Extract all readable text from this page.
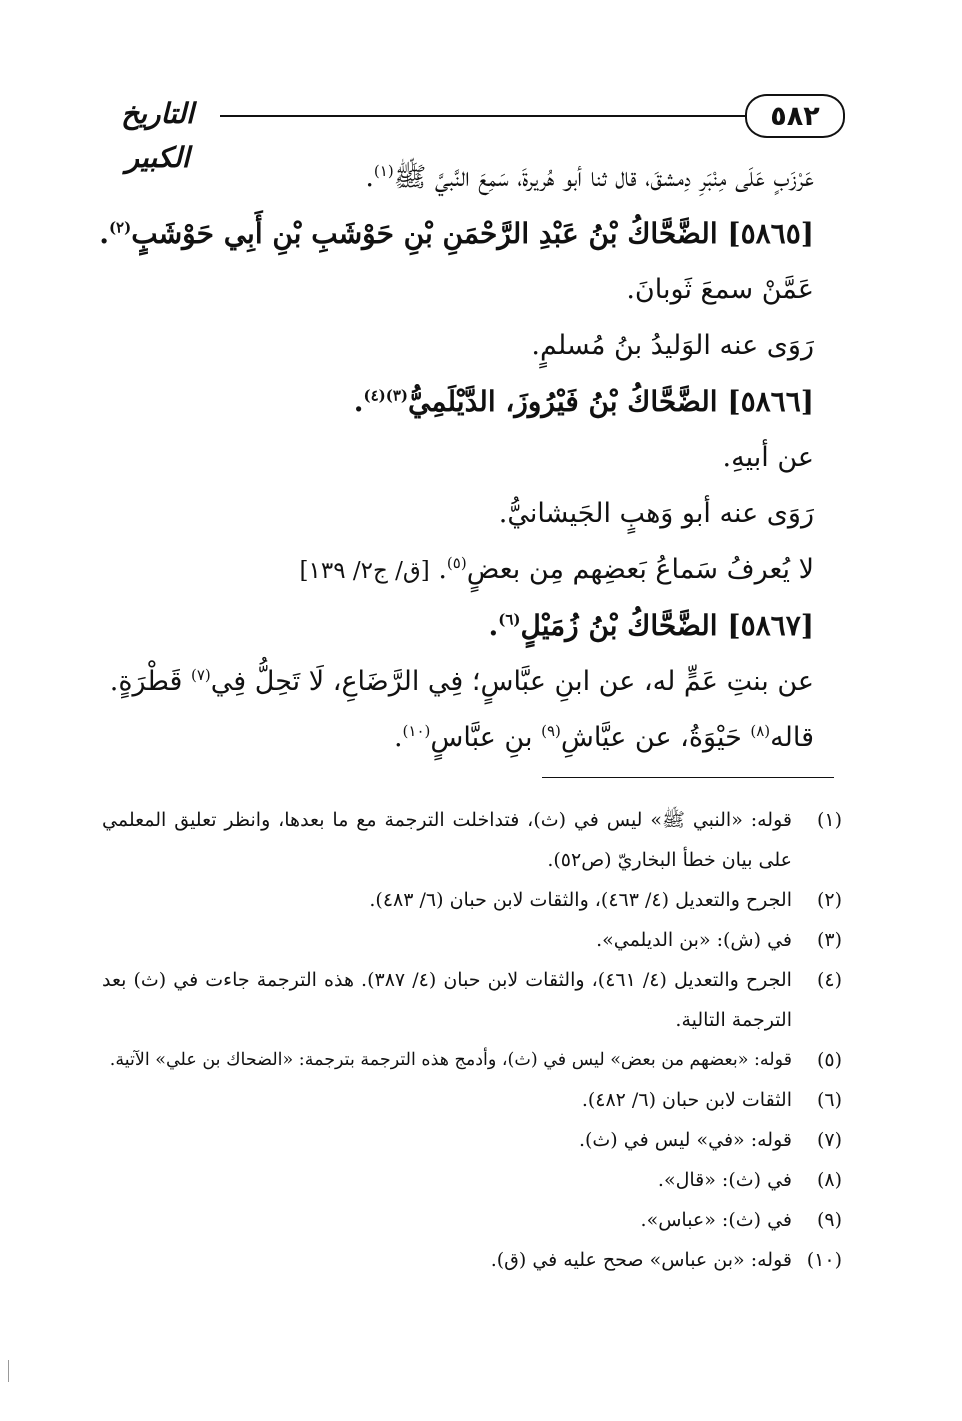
٥٨٢
التاريخ الكبير
عَرْزَبٍ عَلَى مِنْبَرِ دِمشقَ، قال ثنا أبو هُريرةَ، سَمِعَ النَّبيَّ ﷺ$^{(١)}$.
[٥٨٦٥] الضَّحَّاكُ بْنُ عَبْدِ الرَّحْمَنِ بْنِ حَوْشَبِ بْنِ أَبِي حَوْشَبٍ$^{(٢)}$.
عَمَّنْ سمعَ ثَوبانَ.
رَوَى عنه الوَليدُ بنُ مُسلمٍ.
[٥٨٦٦] الضَّحَّاكُ بْنُ فَيْرُوزَ، الدَّيْلَمِيُّ$^{(٣)(٤)}$.
عن أبيهِ.
رَوَى عنه أبو وَهبٍ الجَيشانيُّ.
لا يُعرفُ سَماعُ بَعضِهم مِن بعضٍ$^{(٥)}$. [ق/ ج٢/ ١٣٩]
[٥٨٦٧] الضَّحَّاكُ بْنُ زُمَيْلٍ$^{(٦)}$.
عن بنتِ عَمٍّ له، عن ابنِ عبَّاسٍ؛ فِي الرَّضَاعِ، لَا تَحِلُّ فِي$^{(٧)}$ قَطْرَةٍ.
قاله$^{(٨)}$ حَيْوَةُ، عن عيَّاشِ$^{(٩)}$ بنِ عبَّاسٍ$^{(١٠)}$.
(١)
قوله: «النبي ﷺ» ليس في (ث)، فتداخلت الترجمة مع ما بعدها، وانظر تعليق المعلمي على بيان خطأ البخاريّ (ص٥٢).
(٢)
الجرح والتعديل (٤/ ٤٦٣)، والثقات لابن حبان (٦/ ٤٨٣).
(٣)
في (ش): «بن الديلمي».
(٤)
الجرح والتعديل (٤/ ٤٦١)، والثقات لابن حبان (٤/ ٣٨٧). هذه الترجمة جاءت في (ث) بعد الترجمة التالية.
(٥)
قوله: «بعضهم من بعض» ليس في (ث)، وأدمج هذه الترجمة بترجمة: «الضحاك بن علي» الآتية.
(٦)
الثقات لابن حبان (٦/ ٤٨٢).
(٧)
قوله: «في» ليس في (ث).
(٨)
في (ث): «قال».
(٩)
في (ث): «عباس».
(١٠)
قوله: «بن عباس» صحح عليه في (ق).
